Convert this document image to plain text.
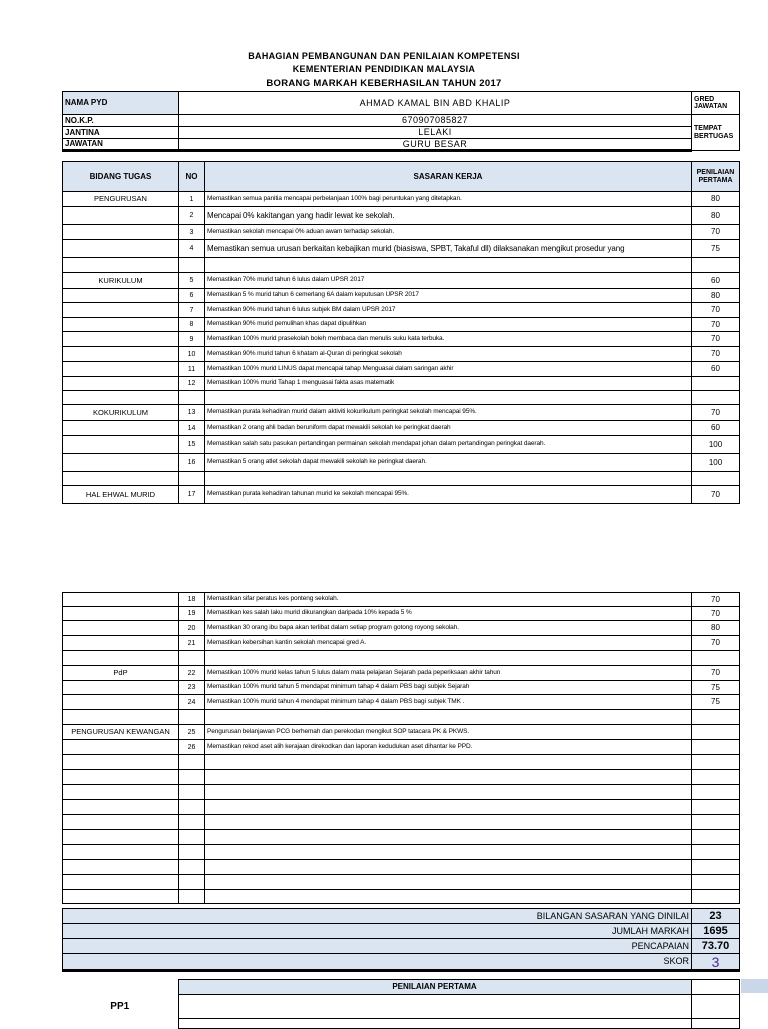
BAHAGIAN PEMBANGUNAN DAN PENILAIAN KOMPETENSI
KEMENTERIAN PENDIDIKAN MALAYSIA
BORANG MARKAH KEBERHASILAN TAHUN 2017
NAMA PYD	AHMAD KAMAL BIN ABD KHALIP	GRED JAWATAN
NO.K.P.	670907085827	TEMPAT BERTUGAS
JANTINA	LELAKI	
JAWATAN	GURU BESAR	
BIDANG TUGAS	NO	SASARAN KERJA	PENILAIAN PERTAMA
PENGURUSAN	1	Memastikan semua panitia mencapai perbelanjaan 100% bagi peruntukan yang ditetapkan.	80
	2	Mencapai 0% kakitangan yang hadir lewat ke sekolah.	80
	3	Memastikan sekolah mencapai 0% aduan awam terhadap sekolah.	70
	4	Memastikan semua urusan berkaitan kebajikan murid (biasiswa, SPBT, Takaful dll) dilaksanakan mengikut prosedur yang	75

KURIKULUM	5	Memastikan 70% murid tahun 6 lulus dalam UPSR 2017	60
	6	Memastikan 5 % murid tahun 6 cemerlang 6A dalam keputusan UPSR 2017	80
	7	Memastikan 90% murid tahun 6 lulus subjek BM dalam UPSR 2017	70
	8	Memastikan 90% murid pemulihan khas dapat dipulihkan	70
	9	Memastikan 100% murid prasekolah boleh membaca dan menulis suku kata terbuka.	70
	10	Memastikan 90% murid tahun 6 khatam al-Quran di peringkat sekolah	70
	11	Memastikan 100% murid LINUS dapat mencapai tahap Menguasai dalam saringan akhir	60
	12	Memastikan 100% murid Tahap 1 menguasai fakta asas matematik	

KOKURIKULUM	13	Memastikan purata kehadiran murid dalam aktiviti kokurikulum peringkat sekolah mencapai 95%.	70
	14	Memastikan 2 orang ahli badan beruniform dapat mewakili sekolah ke peringkat daerah	60
	15	Memastikan salah satu pasukan pertandingan permainan sekolah mendapat johan dalam pertandingan peringkat daerah.	100
	16	Memastikan 5 orang atlet sekolah dapat mewakili sekolah ke peringkat daerah.	100

HAL EHWAL MURID	17	Memastikan purata kehadiran tahunan murid ke sekolah mencapai 95%.	70
	18	Memastikan sifar peratus kes ponteng sekolah.	70
	19	Memastikan kes salah laku murid dikurangkan daripada 10% kepada 5 %	70
	20	Memastikan 30 orang ibu bapa akan terlibat dalam setiap program gotong royong sekolah.	80
	21	Memastikan kebersihan kantin sekolah mencapai gred A.	70

PdP	22	Memastikan 100% murid kelas tahun 5 lulus dalam mata pelajaran Sejarah pada peperiksaan akhir tahun	70
	23	Memastikan 100% murid tahun 5 mendapat minimum tahap 4 dalam PBS bagi subjek Sejarah	75
	24	Memastikan 100% murid tahun 4 mendapat minimum tahap 4 dalam PBS bagi subjek TMK .	75

PENGURUSAN KEWANGAN	25	Pengurusan belanjawan PCG berhemah dan perekodan mengikut SOP tatacara PK & PKWS.	
	26	Memastikan rekod aset alih kerajaan direkodkan dan laporan kedudukan aset dihantar ke PPD.	

BILANGAN SASARAN YANG DINILAI	23
JUMLAH MARKAH	1695
PENCAPAIAN	73.70
SKOR	3
	PENILAIAN PERTAMA	
PP1		
